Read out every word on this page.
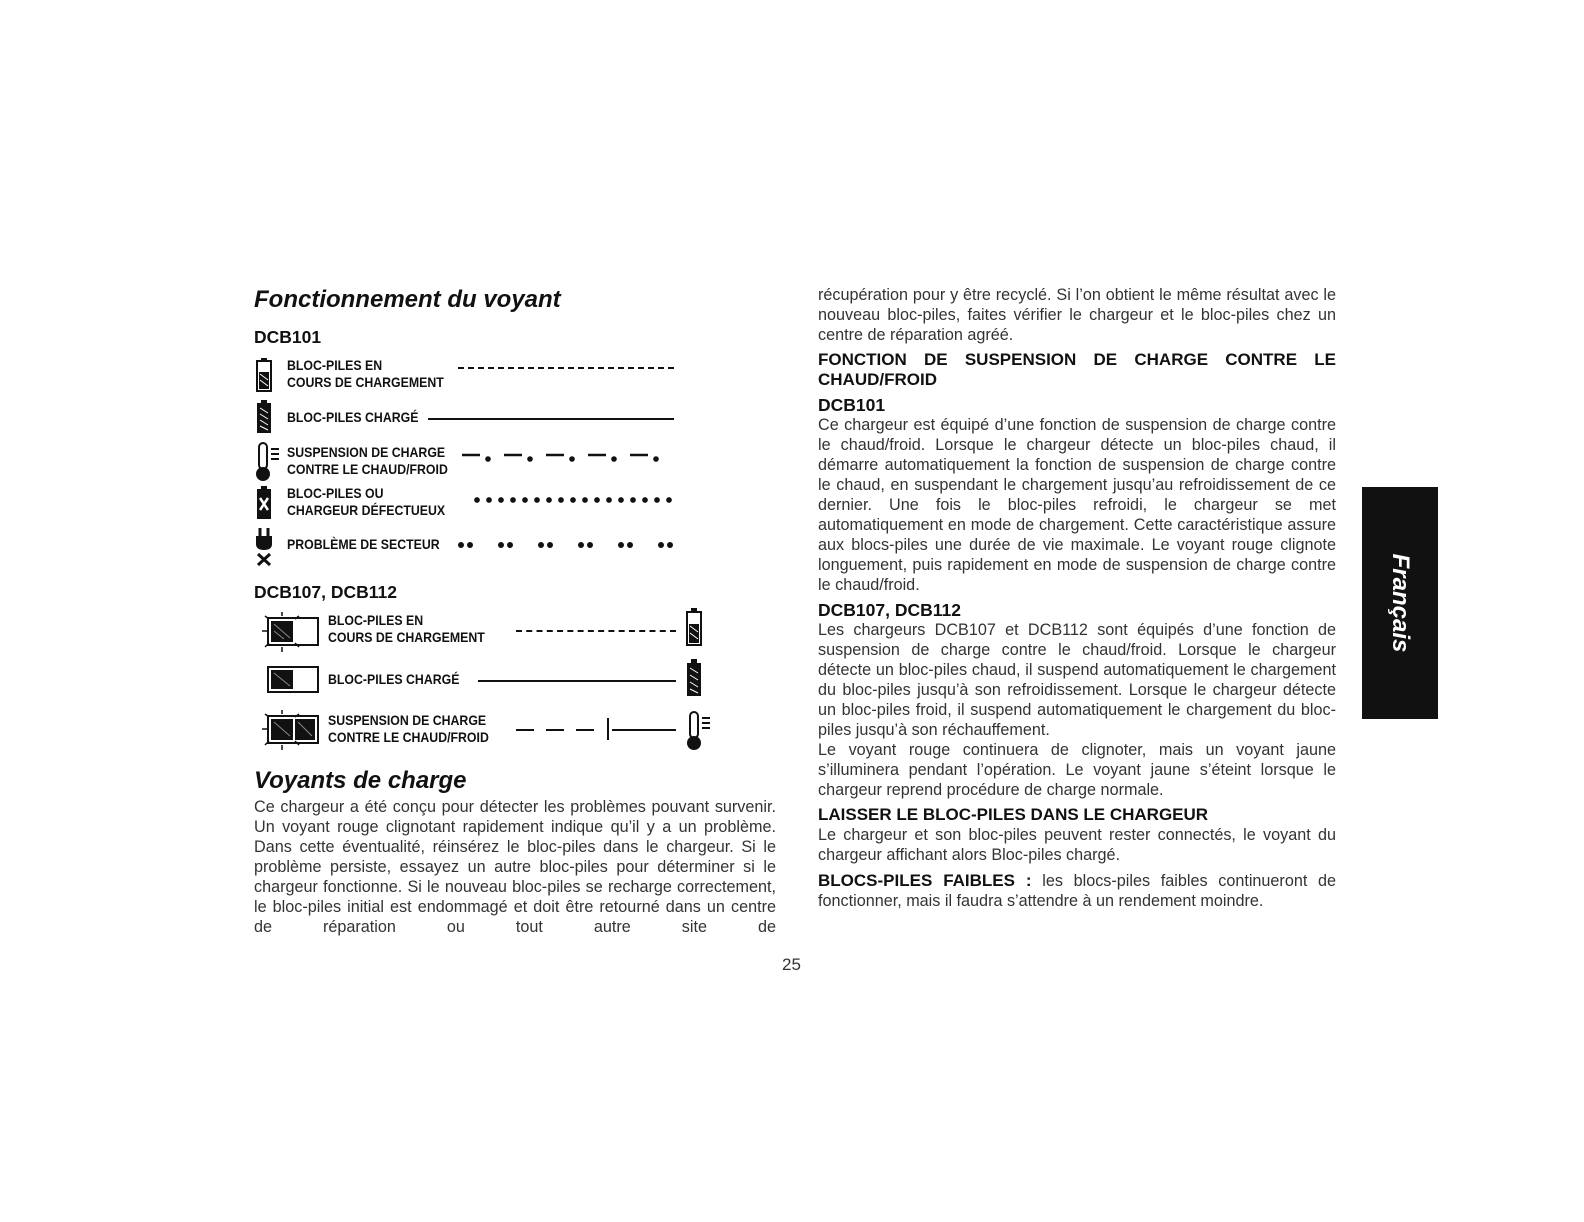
Fonctionnement du voyant
DCB101
BLOC-PILES EN
COURS DE CHARGEMENT
BLOC-PILES CHARGÉ
SUSPENSION DE CHARGE
CONTRE LE CHAUD/FROID
BLOC-PILES OU
CHARGEUR DÉFECTUEUX
PROBLÈME DE SECTEUR
DCB107, DCB112
BLOC-PILES EN
COURS DE CHARGEMENT
BLOC-PILES CHARGÉ
SUSPENSION DE CHARGE
CONTRE LE CHAUD/FROID
Voyants de charge

Ce chargeur a été conçu pour détecter les problèmes pouvant survenir. Un voyant rouge clignotant rapidement indique qu’il y a un problème. Dans cette éventualité, réinsérez le bloc-piles dans le chargeur. Si le problème persiste, essayez un autre bloc-piles pour déterminer si le chargeur fonctionne. Si le nouveau bloc-piles se recharge correctement, le bloc-piles initial est endommagé et doit être retourné dans un centre de réparation ou tout autre site de

récupération pour y être recyclé. Si l’on obtient le même résultat avec le nouveau bloc-piles, faites vérifier le chargeur et le bloc-piles chez un centre de réparation agréé.

FONCTION DE SUSPENSION DE CHARGE CONTRE LE CHAUD/FROID
DCB101

Ce chargeur est équipé d’une fonction de suspension de charge contre le chaud/froid. Lorsque le chargeur détecte un bloc-piles chaud, il démarre automatiquement la fonction de suspension de charge contre le chaud, en suspendant le chargement jusqu’au refroidissement de ce dernier. Une fois le bloc-piles refroidi, le chargeur se met automatiquement en mode de chargement. Cette caractéristique assure aux blocs-piles une durée de vie maximale. Le voyant rouge clignote longuement, puis rapidement en mode de suspension de charge contre le chaud/froid.

DCB107, DCB112

Les chargeurs DCB107 et DCB112 sont équipés d’une fonction de suspension de charge contre le chaud/froid. Lorsque le chargeur détecte un bloc-piles chaud, il suspend automatiquement le chargement du bloc-piles jusqu’à son refroidissement. Lorsque le chargeur détecte un bloc-piles froid, il suspend automatiquement le chargement du bloc-piles jusqu’à son réchauffement.

Le voyant rouge continuera de clignoter, mais un voyant jaune s’illuminera pendant l’opération. Le voyant jaune s’éteint lorsque le chargeur reprend procédure de charge normale.

LAISSER LE BLOC-PILES DANS LE CHARGEUR

Le chargeur et son bloc-piles peuvent rester connectés, le voyant du chargeur affichant alors Bloc-piles chargé.

BLOCS-PILES FAIBLES : les blocs-piles faibles continueront de fonctionner, mais il faudra s’attendre à un rendement moindre.

Français
25
